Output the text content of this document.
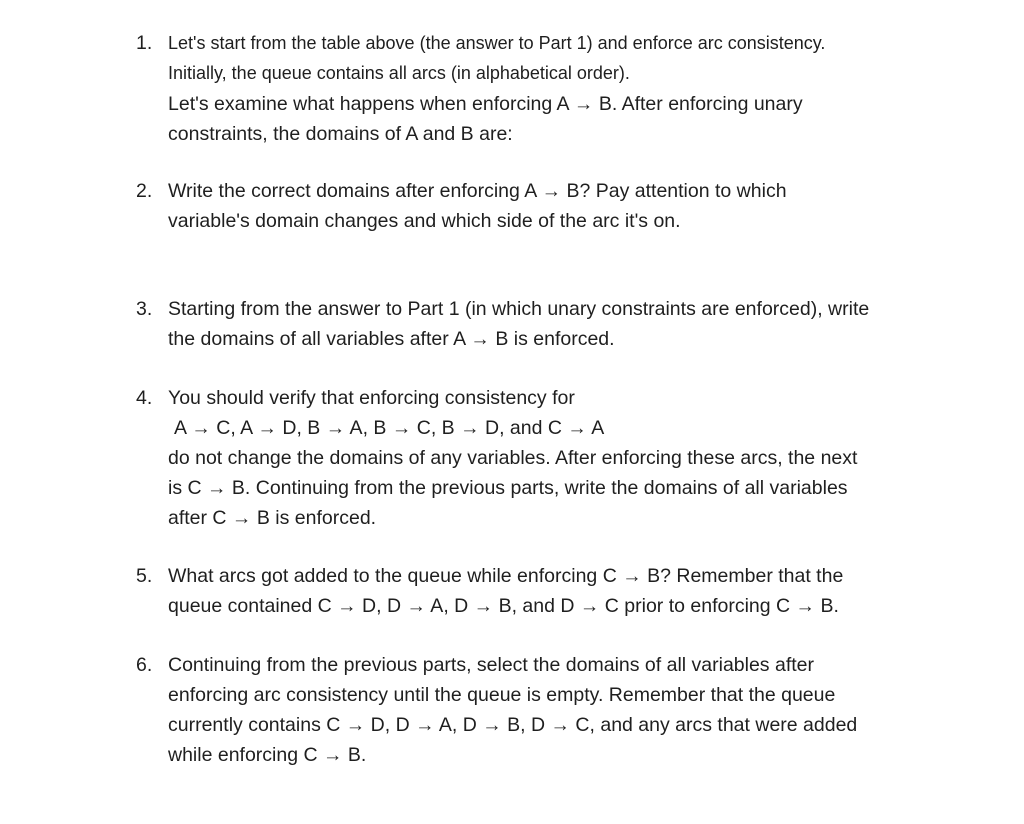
1. Let's start from the table above (the answer to Part 1) and enforce arc consistency.
Initially, the queue contains all arcs (in alphabetical order).
Let's examine what happens when enforcing A → B. After enforcing unary
constraints, the domains of A and B are:
2. Write the correct domains after enforcing A → B? Pay attention to which
variable's domain changes and which side of the arc it's on.
3. Starting from the answer to Part 1 (in which unary constraints are enforced), write
the domains of all variables after A → B is enforced.
4. You should verify that enforcing consistency for
A → C, A → D, B → A, B → C, B → D, and C → A
do not change the domains of any variables. After enforcing these arcs, the next
is C → B. Continuing from the previous parts, write the domains of all variables
after C → B is enforced.
5. What arcs got added to the queue while enforcing C → B? Remember that the
queue contained C → D, D → A, D → B, and D → C prior to enforcing C → B.
6. Continuing from the previous parts, select the domains of all variables after
enforcing arc consistency until the queue is empty. Remember that the queue
currently contains C → D, D → A, D → B, D → C, and any arcs that were added
while enforcing C → B.
